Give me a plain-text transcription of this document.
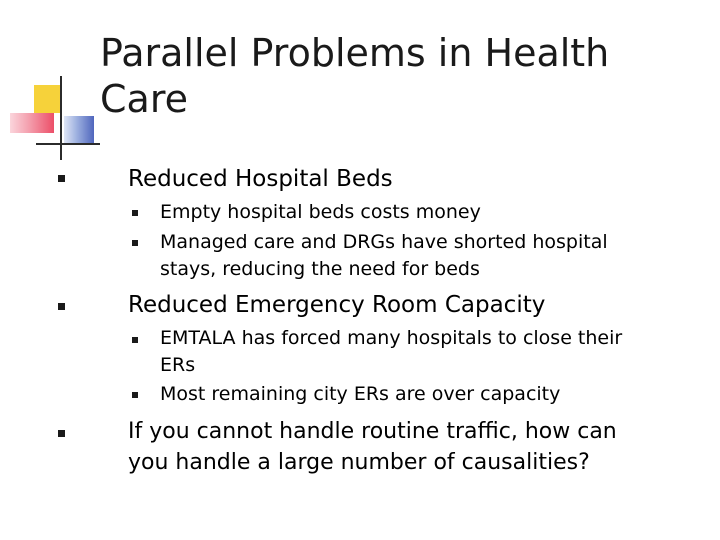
Parallel Problems in Health
Care
Reduced Hospital Beds
Empty hospital beds costs money
Managed care and DRGs have shorted hospital
stays, reducing the need for beds
Reduced Emergency Room Capacity
EMTALA has forced many hospitals to close their
ERs
Most remaining city ERs are over capacity
If you cannot handle routine traffic, how can
you handle a large number of causalities?
